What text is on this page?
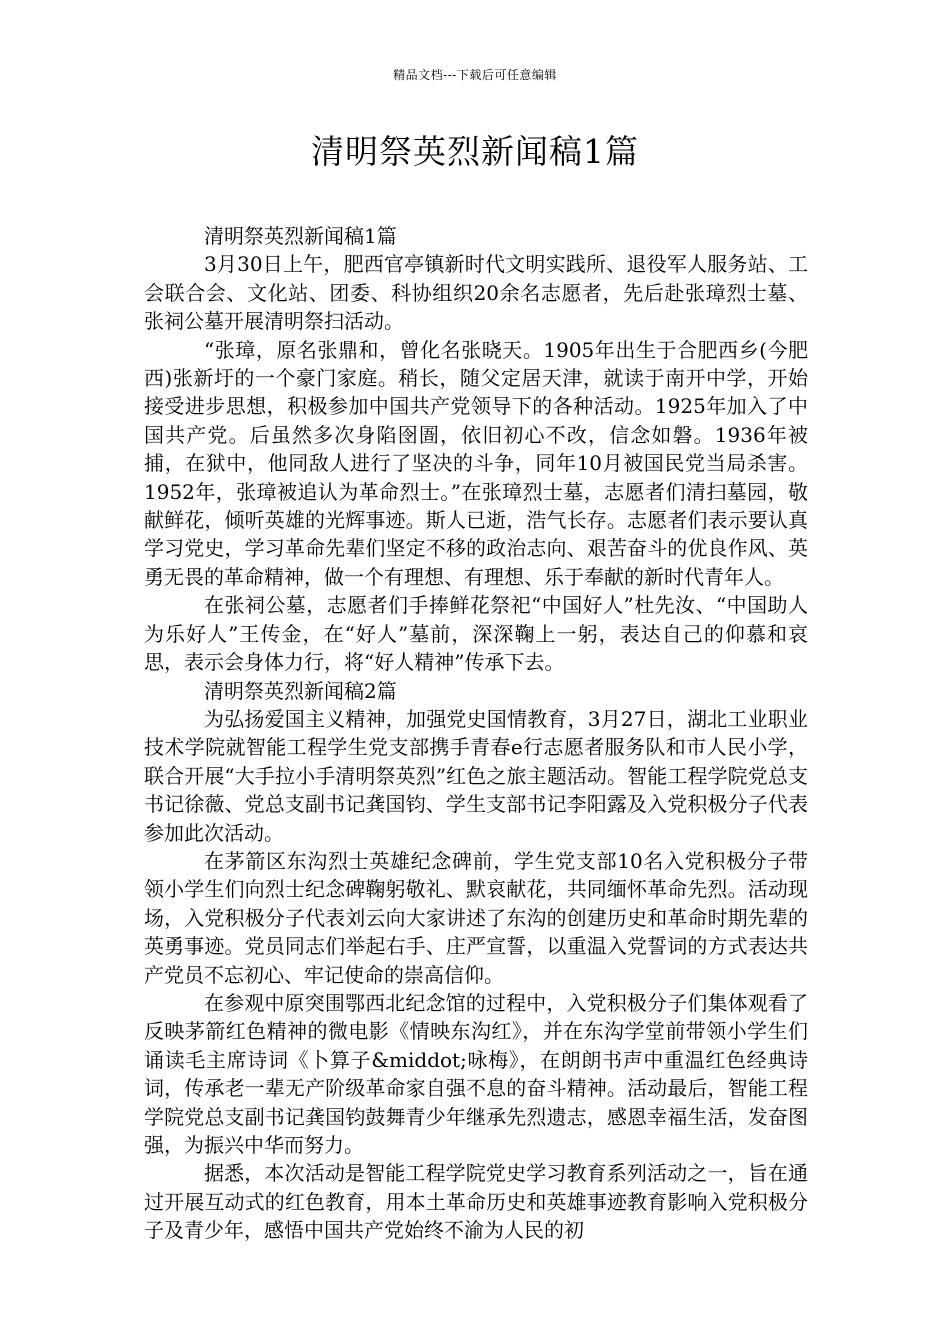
精品文档---下载后可任意编辑
清明祭英烈新闻稿1篇

清明祭英烈新闻稿1篇

3月30日上午，肥西官亭镇新时代文明实践所、退役军人服务站、工会联合会、文化站、团委、科协组织20余名志愿者，先后赴张璋烈士墓、张祠公墓开展清明祭扫活动。

“张璋，原名张鼎和，曾化名张晓天。1905年出生于合肥西乡(今肥西)张新圩的一个豪门家庭。稍长，随父定居天津，就读于南开中学，开始接受进步思想，积极参加中国共产党领导下的各种活动。1925年加入了中国共产党。后虽然多次身陷囹圄，依旧初心不改，信念如磐。1936年被捕，在狱中，他同敌人进行了坚决的斗争，同年10月被国民党当局杀害。1952年，张璋被追认为革命烈士。”在张璋烈士墓，志愿者们清扫墓园，敬献鲜花，倾听英雄的光辉事迹。斯人已逝，浩气长存。志愿者们表示要认真学习党史，学习革命先辈们坚定不移的政治志向、艰苦奋斗的优良作风、英勇无畏的革命精神，做一个有理想、有理想、乐于奉献的新时代青年人。

在张祠公墓，志愿者们手捧鲜花祭祀“中国好人”杜先汝、“中国助人为乐好人”王传金，在“好人”墓前，深深鞠上一躬，表达自己的仰慕和哀思，表示会身体力行，将“好人精神”传承下去。

清明祭英烈新闻稿2篇

为弘扬爱国主义精神，加强党史国情教育，3月27日，湖北工业职业技术学院就智能工程学生党支部携手青春e行志愿者服务队和市人民小学，联合开展“大手拉小手清明祭英烈”红色之旅主题活动。智能工程学院党总支书记徐薇、党总支副书记龚国钧、学生支部书记李阳露及入党积极分子代表参加此次活动。

在茅箭区东沟烈士英雄纪念碑前，学生党支部10名入党积极分子带领小学生们向烈士纪念碑鞠躬敬礼、默哀献花，共同缅怀革命先烈。活动现场，入党积极分子代表刘云向大家讲述了东沟的创建历史和革命时期先辈的英勇事迹。党员同志们举起右手、庄严宣誓，以重温入党誓词的方式表达共产党员不忘初心、牢记使命的崇高信仰。

在参观中原突围鄂西北纪念馆的过程中，入党积极分子们集体观看了反映茅箭红色精神的微电影《情映东沟红》，并在东沟学堂前带领小学生们诵读毛主席诗词《卜算子&middot;咏梅》，在朗朗书声中重温红色经典诗词，传承老一辈无产阶级革命家自强不息的奋斗精神。活动最后，智能工程学院党总支副书记龚国钧鼓舞青少年继承先烈遗志，感恩幸福生活，发奋图强，为振兴中华而努力。

据悉，本次活动是智能工程学院党史学习教育系列活动之一，旨在通过开展互动式的红色教育，用本土革命历史和英雄事迹教育影响入党积极分子及青少年，感悟中国共产党始终不渝为人民的初
